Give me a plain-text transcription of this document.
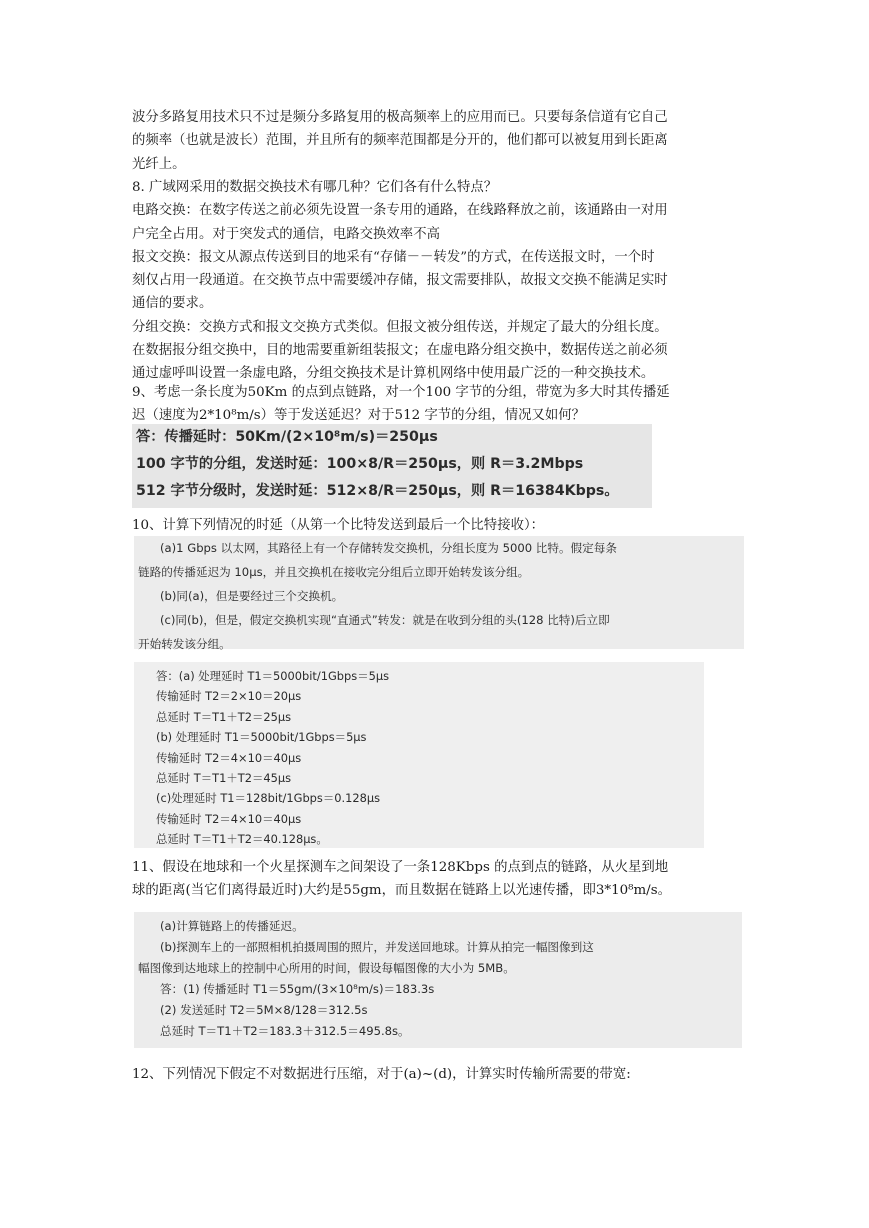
波分多路复用技术只不过是频分多路复用的极高频率上的应用而已。只要每条信道有它自己
的频率（也就是波长）范围，并且所有的频率范围都是分开的，他们都可以被复用到长距离
光纤上。
8. 广域网采用的数据交换技术有哪几种？它们各有什么特点？
电路交换：在数字传送之前必须先设置一条专用的通路，在线路释放之前，该通路由一对用
户完全占用。对于突发式的通信，电路交换效率不高
报文交换：报文从源点传送到目的地采有“存储－－转发”的方式，在传送报文时，一个时
刻仅占用一段通道。在交换节点中需要缓冲存储，报文需要排队，故报文交换不能满足实时
通信的要求。
分组交换：交换方式和报文交换方式类似。但报文被分组传送，并规定了最大的分组长度。
在数据报分组交换中，目的地需要重新组装报文；在虚电路分组交换中，数据传送之前必须
通过虚呼叫设置一条虚电路，分组交换技术是计算机网络中使用最广泛的一种交换技术。
9、考虑一条长度为50Km 的点到点链路，对一个100 字节的分组，带宽为多大时其传播延
迟（速度为2*10⁸m/s）等于发送延迟？对于512 字节的分组，情况又如何？
答：传播延时：50Km/(2×10⁸m/s)＝250μs
100 字节的分组，发送时延：100×8/R＝250μs，则 R＝3.2Mbps
512 字节分级时，发送时延：512×8/R＝250μs，则 R＝16384Kbps。
10、计算下列情况的时延（从第一个比特发送到最后一个比特接收）：
(a)1 Gbps 以太网，其路径上有一个存储转发交换机，分组长度为 5000 比特。假定每条
链路的传播延迟为 10μs，并且交换机在接收完分组后立即开始转发该分组。
(b)同(a)，但是要经过三个交换机。
(c)同(b)，但是，假定交换机实现“直通式”转发：就是在收到分组的头(128 比特)后立即
开始转发该分组。
答：(a) 处理延时 T1＝5000bit/1Gbps＝5μs
传输延时 T2＝2×10＝20μs
总延时 T＝T1＋T2＝25μs
(b) 处理延时 T1＝5000bit/1Gbps＝5μs
传输延时 T2＝4×10＝40μs
总延时 T＝T1＋T2＝45μs
(c)处理延时 T1＝128bit/1Gbps＝0.128μs
传输延时 T2＝4×10＝40μs
总延时 T＝T1＋T2＝40.128μs。
11、假设在地球和一个火星探测车之间架设了一条128Kbps 的点到点的链路，从火星到地
球的距离(当它们离得最近时)大约是55gm，而且数据在链路上以光速传播，即3*10⁸m/s。
(a)计算链路上的传播延迟。
(b)探测车上的一部照相机拍摄周围的照片，并发送回地球。计算从拍完一幅图像到这
幅图像到达地球上的控制中心所用的时间，假设每幅图像的大小为 5MB。
答：(1) 传播延时 T1＝55gm/(3×10⁸m/s)＝183.3s
(2) 发送延时 T2＝5M×8/128＝312.5s
总延时 T＝T1＋T2＝183.3＋312.5＝495.8s。
12、下列情况下假定不对数据进行压缩，对于(a)~(d)，计算实时传输所需要的带宽:
